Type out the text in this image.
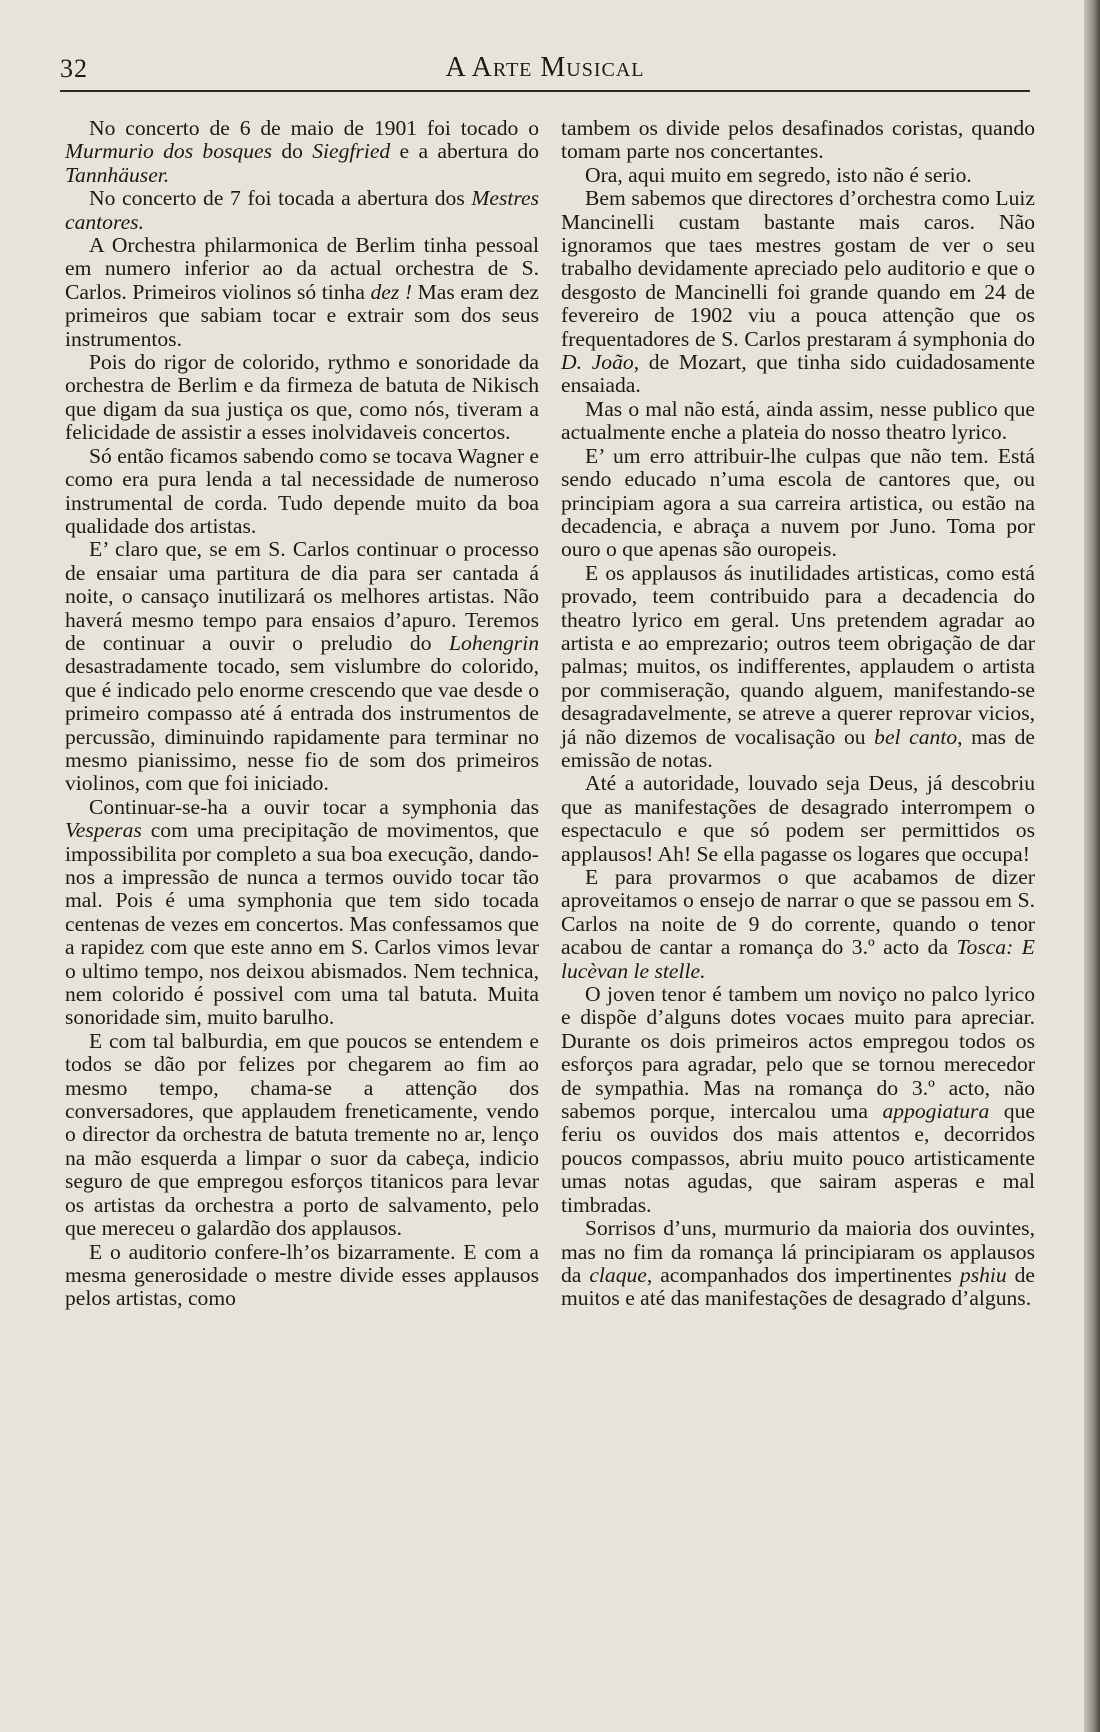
32	A Arte Musical

No concerto de 6 de maio de 1901 foi tocado o Murmurio dos bosques do Siegfried e a abertura do Tannhäuser.

No concerto de 7 foi tocada a abertura dos Mestres cantores.

A Orchestra philarmonica de Berlim tinha pessoal em numero inferior ao da actual orchestra de S. Carlos. Primeiros violinos só tinha dez ! Mas eram dez primeiros que sabiam tocar e extrair som dos seus instrumentos.

Pois do rigor de colorido, rythmo e sonoridade da orchestra de Berlim e da firmeza de batuta de Nikisch que digam da sua justiça os que, como nós, tiveram a felicidade de assistir a esses inolvidaveis concertos.

Só então ficamos sabendo como se tocava Wagner e como era pura lenda a tal necessidade de numeroso instrumental de corda. Tudo depende muito da boa qualidade dos artistas.

E’ claro que, se em S. Carlos continuar o processo de ensaiar uma partitura de dia para ser cantada á noite, o cansaço inutilizará os melhores artistas. Não haverá mesmo tempo para ensaios d’apuro. Teremos de continuar a ouvir o preludio do Lohengrin desastradamente tocado, sem vislumbre do colorido, que é indicado pelo enorme crescendo que vae desde o primeiro compasso até á entrada dos instrumentos de percussão, diminuindo rapidamente para terminar no mesmo pianissimo, nesse fio de som dos primeiros violinos, com que foi iniciado.

Continuar-se-ha a ouvir tocar a symphonia das Vesperas com uma precipitação de movimentos, que impossibilita por completo a sua boa execução, dando-nos a impressão de nunca a termos ouvido tocar tão mal. Pois é uma symphonia que tem sido tocada centenas de vezes em concertos. Mas confessamos que a rapidez com que este anno em S. Carlos vimos levar o ultimo tempo, nos deixou abismados. Nem technica, nem colorido é possivel com uma tal batuta. Muita sonoridade sim, muito barulho.

E com tal balburdia, em que poucos se entendem e todos se dão por felizes por chegarem ao fim ao mesmo tempo, chama-se a attenção dos conversadores, que applaudem freneticamente, vendo o director da orchestra de batuta tremente no ar, lenço na mão esquerda a limpar o suor da cabeça, indicio seguro de que empregou esforços titanicos para levar os artistas da orchestra a porto de salvamento, pelo que mereceu o galardão dos applausos.

E o auditorio confere-lh’os bizarramente. E com a mesma generosidade o mestre divide esses applausos pelos artistas, como

tambem os divide pelos desafinados coristas, quando tomam parte nos concertantes.

Ora, aqui muito em segredo, isto não é serio.

Bem sabemos que directores d’orchestra como Luiz Mancinelli custam bastante mais caros. Não ignoramos que taes mestres gostam de ver o seu trabalho devidamente apreciado pelo auditorio e que o desgosto de Mancinelli foi grande quando em 24 de fevereiro de 1902 viu a pouca attenção que os frequentadores de S. Carlos prestaram á symphonia do D. João, de Mozart, que tinha sido cuidadosamente ensaiada.

Mas o mal não está, ainda assim, nesse publico que actualmente enche a plateia do nosso theatro lyrico.

E’ um erro attribuir-lhe culpas que não tem. Está sendo educado n’uma escola de cantores que, ou principiam agora a sua carreira artistica, ou estão na decadencia, e abraça a nuvem por Juno. Toma por ouro o que apenas são ouropeis.

E os applausos ás inutilidades artisticas, como está provado, teem contribuido para a decadencia do theatro lyrico em geral. Uns pretendem agradar ao artista e ao emprezario; outros teem obrigação de dar palmas; muitos, os indifferentes, applaudem o artista por commiseração, quando alguem, manifestando-se desagradavelmente, se atreve a querer reprovar vicios, já não dizemos de vocalisação ou bel canto, mas de emissão de notas.

Até a autoridade, louvado seja Deus, já descobriu que as manifestações de desagrado interrompem o espectaculo e que só podem ser permittidos os applausos! Ah! Se ella pagasse os logares que occupa!

E para provarmos o que acabamos de dizer aproveitamos o ensejo de narrar o que se passou em S. Carlos na noite de 9 do corrente, quando o tenor acabou de cantar a romança do 3.º acto da Tosca: E lucèvan le stelle.

O joven tenor é tambem um noviço no palco lyrico e dispõe d’alguns dotes vocaes muito para apreciar. Durante os dois primeiros actos empregou todos os esforços para agradar, pelo que se tornou merecedor de sympathia. Mas na romança do 3.º acto, não sabemos porque, intercalou uma appogiatura que feriu os ouvidos dos mais attentos e, decorridos poucos compassos, abriu muito pouco artisticamente umas notas agudas, que sairam asperas e mal timbradas.

Sorrisos d’uns, murmurio da maioria dos ouvintes, mas no fim da romança lá principiaram os applausos da claque, acompanhados dos impertinentes pshiu de muitos e até das manifestações de desagrado d’alguns.
